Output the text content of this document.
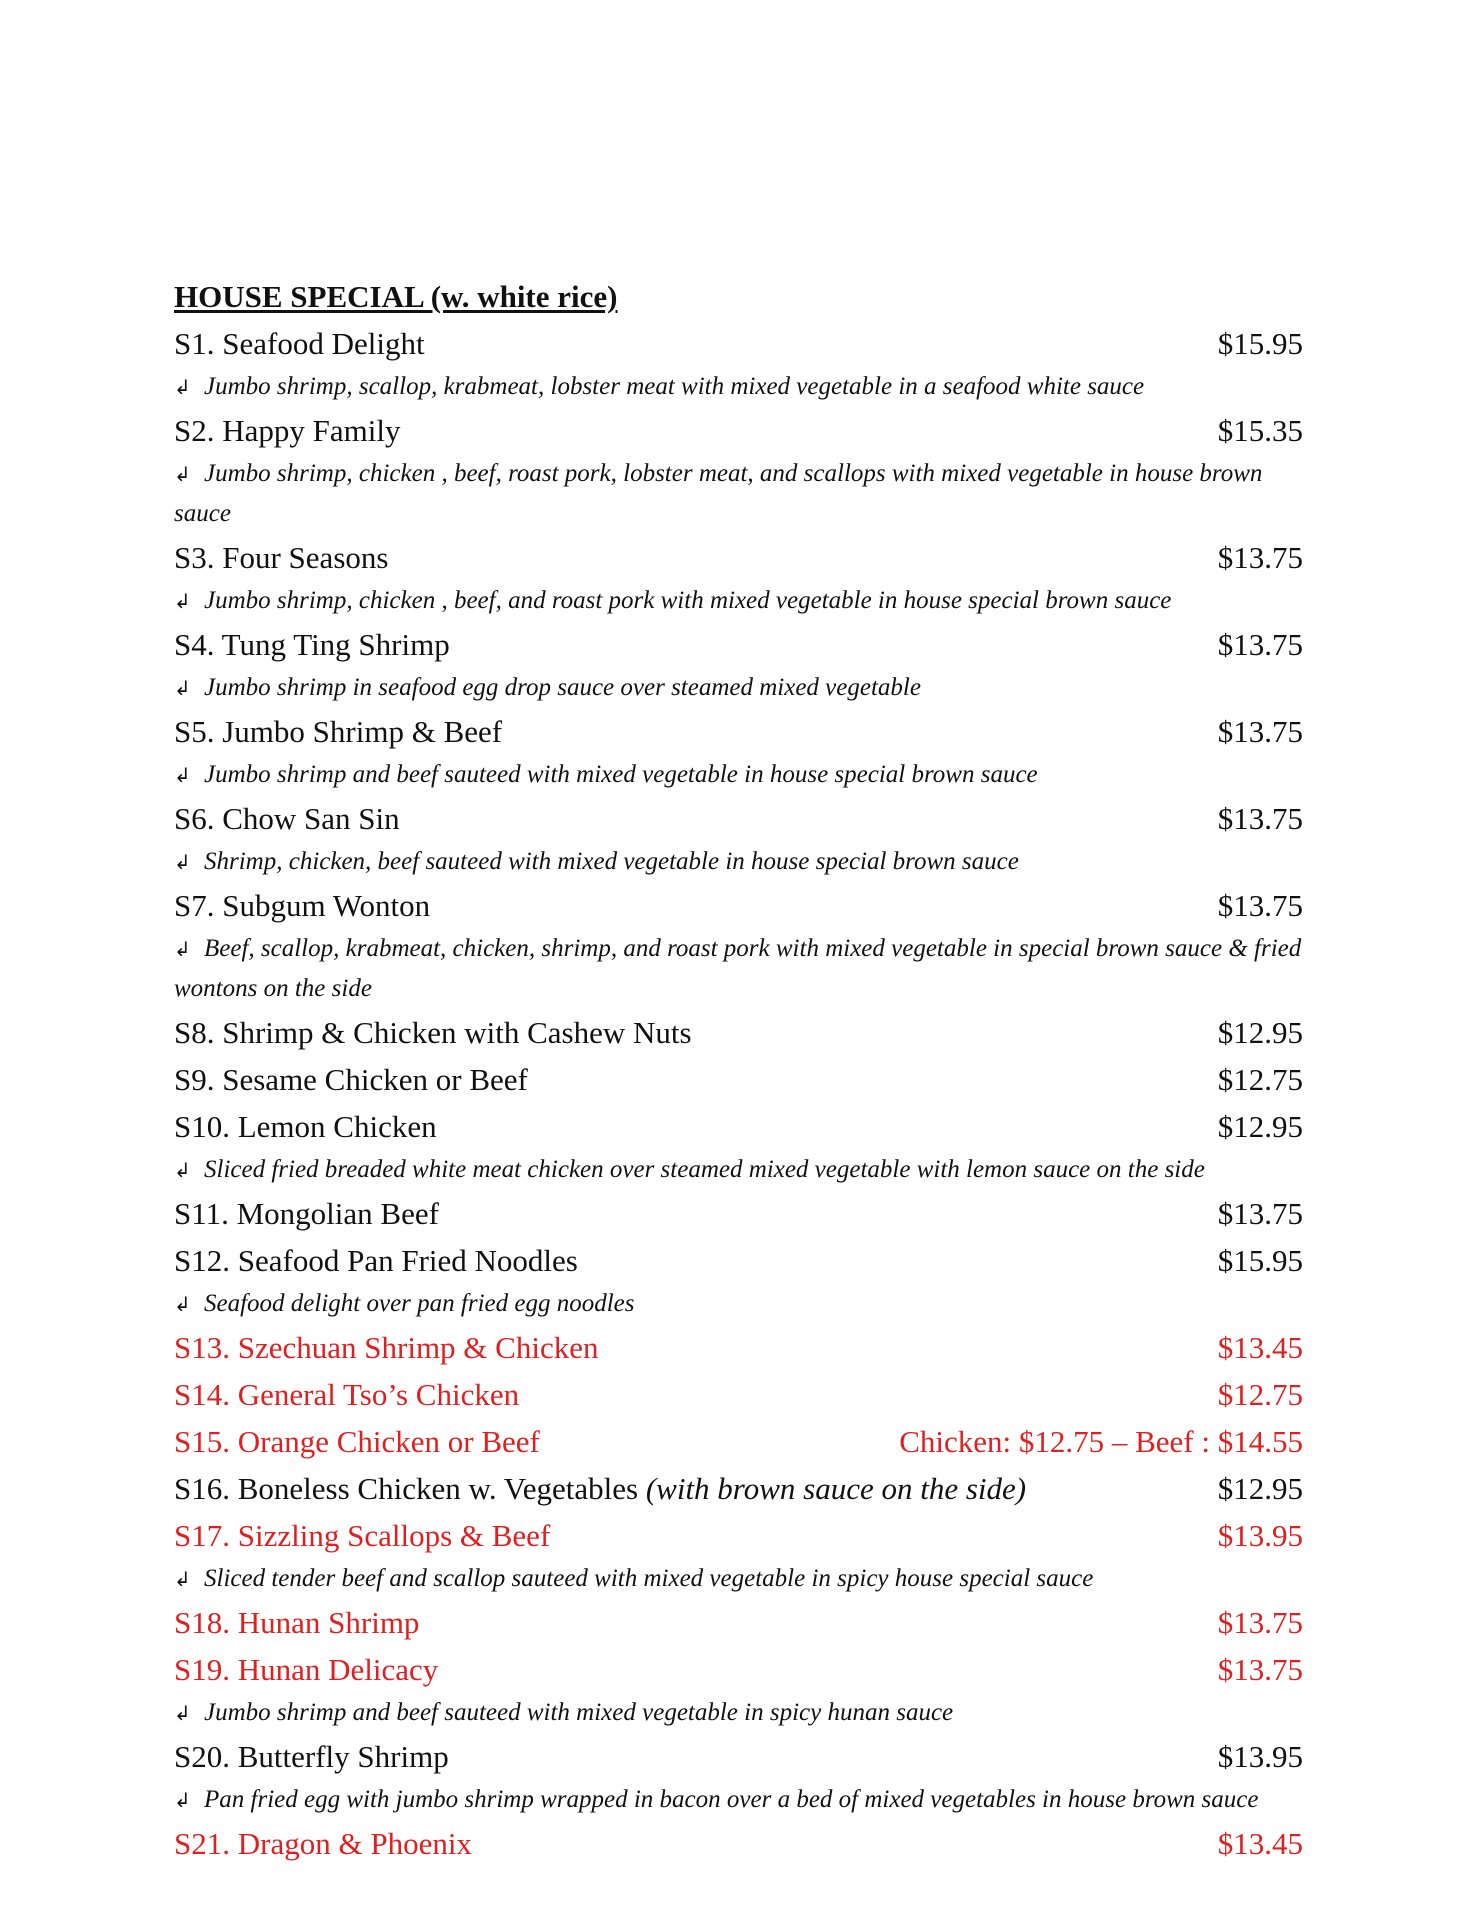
HOUSE SPECIAL (w. white rice)
S1. Seafood Delight	$15.95
↲ Jumbo shrimp, scallop, krabmeat, lobster meat with mixed vegetable in a seafood white sauce
S2. Happy Family	$15.35
↲ Jumbo shrimp, chicken , beef, roast pork, lobster meat, and scallops with mixed vegetable in house brown sauce
S3. Four Seasons	$13.75
↲ Jumbo shrimp, chicken , beef, and roast pork with mixed vegetable in house special brown sauce
S4. Tung Ting Shrimp	$13.75
↲ Jumbo shrimp in seafood egg drop sauce over steamed mixed vegetable
S5. Jumbo Shrimp & Beef	$13.75
↲ Jumbo shrimp and beef sauteed with mixed vegetable in house special brown sauce
S6. Chow San Sin	$13.75
↲ Shrimp, chicken, beef sauteed with mixed vegetable in house special brown sauce
S7. Subgum Wonton	$13.75
↲ Beef, scallop, krabmeat, chicken, shrimp, and roast pork with mixed vegetable in special brown sauce & fried wontons on the side
S8. Shrimp & Chicken with Cashew Nuts	$12.95
S9. Sesame Chicken or Beef	$12.75
S10. Lemon Chicken	$12.95
↲ Sliced fried breaded white meat chicken over steamed mixed vegetable with lemon sauce on the side
S11. Mongolian Beef	$13.75
S12. Seafood Pan Fried Noodles	$15.95
↲ Seafood delight over pan fried egg noodles
S13. Szechuan Shrimp & Chicken	$13.45
S14. General Tso’s Chicken	$12.75
S15. Orange Chicken or Beef	Chicken: $12.75 – Beef : $14.55
S16. Boneless Chicken w. Vegetables (with brown sauce on the side)	$12.95
S17. Sizzling Scallops & Beef	$13.95
↲ Sliced tender beef and scallop sauteed with mixed vegetable in spicy house special sauce
S18. Hunan Shrimp	$13.75
S19. Hunan Delicacy	$13.75
↲ Jumbo shrimp and beef sauteed with mixed vegetable in spicy hunan sauce
S20. Butterfly Shrimp	$13.95
↲ Pan fried egg with jumbo shrimp wrapped in bacon over a bed of mixed vegetables in house brown sauce
S21. Dragon & Phoenix	$13.45
